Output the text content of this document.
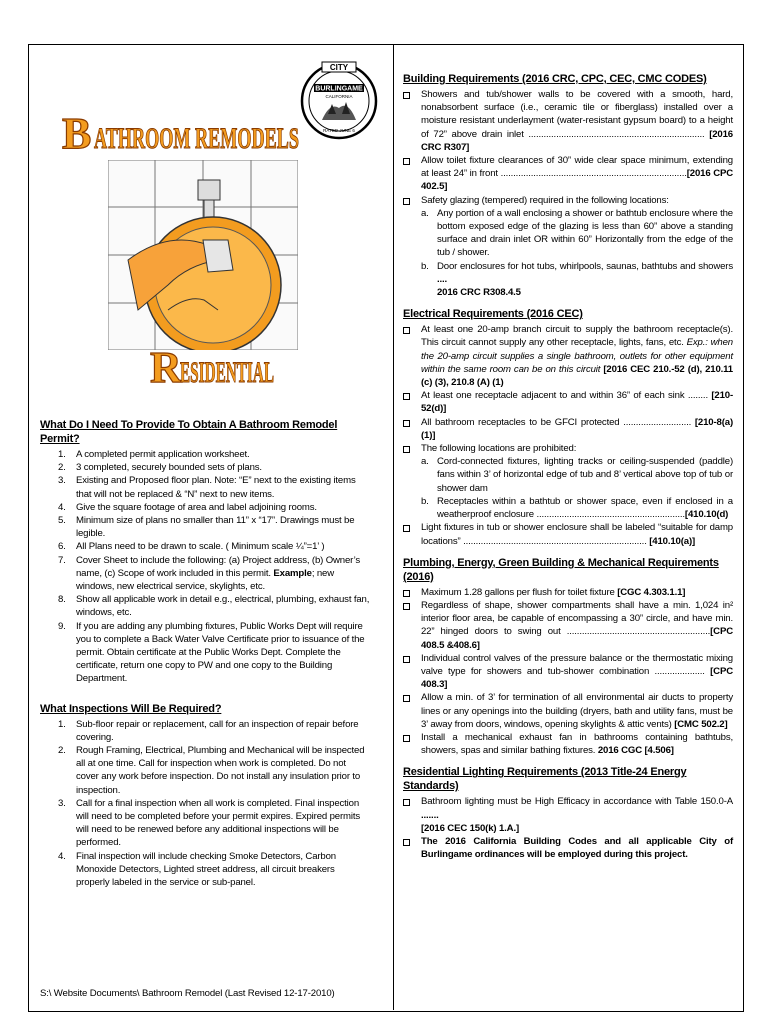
B ATHROOM REMODELS
CITY
BURLINGAME
CALIFORNIA
RATED JUNE 6
R
ESIDENTIAL
What Do I Need To Provide To Obtain A Bathroom Remodel Permit?
1. A completed permit application worksheet.
2. 3 completed, securely bounded sets of plans.
3. Existing and Proposed floor plan. Note: “E” next to the existing items that will not be replaced & “N” next to new items.
4. Give the square footage of area and label adjoining rooms.
5. Minimum size of plans no smaller than 11” x “17”. Drawings must be legible.
6. All Plans need to be drawn to scale. ( Minimum scale ¼”=1’ )
7. Cover Sheet to include the following: (a) Project address, (b) Owner’s name, (c) Scope of work included in this permit. Example; new windows, new electrical service, skylights, etc.
8. Show all applicable work in detail e.g., electrical, plumbing, exhaust fan, windows, etc.
9. If you are adding any plumbing fixtures, Public Works Dept will require you to complete a Back Water Valve Certificate prior to issuance of the permit. Obtain certificate at the Public Works Dept. Complete the certificate, return one copy to PW and one copy to the Building Department.
What Inspections Will Be Required?
1. Sub-floor repair or replacement, call for an inspection of repair before covering.
2. Rough Framing, Electrical, Plumbing and Mechanical will be inspected all at one time. Call for inspection when work is completed. Do not cover any work before inspection. Do not install any insulation prior to inspection.
3. Call for a final inspection when all work is completed. Final inspection will need to be completed before your permit expires. Expired permits will need to be renewed before any additional inspections will be performed.
4. Final inspection will include checking Smoke Detectors, Carbon Monoxide Detectors, Lighted street address, all circuit breakers properly labeled in the service or sub-panel.
Building Requirements (2016 CRC, CPC, CEC, CMC CODES)
Showers and tub/shower walls to be covered with a smooth, hard, nonabsorbent surface (i.e., ceramic tile or fiberglass) installed over a moisture resistant underlayment (water-resistant gypsum board) to a height of 72” above drain inlet ...................................................................... [2016 CRC R307]
Allow toilet fixture clearances of 30” wide clear space minimum, extending at least 24” in front ..........................................................................[2016 CPC 402.5]
Safety glazing (tempered) required in the following locations:
a. Any portion of a wall enclosing a shower or bathtub enclosure where the bottom exposed edge of the glazing is less than 60” above a standing surface and drain inlet OR within 60” Horizontally from the edge of the tub / shower.
b. Door enclosures for hot tubs, whirlpools, saunas, bathtubs and showers ....
2016 CRC R308.4.5
Electrical Requirements (2016 CEC)
At least one 20-amp branch circuit to supply the bathroom receptacle(s). This circuit cannot supply any other receptacle, lights, fans, etc. Exp.: when the 20-amp circuit supplies a single bathroom, outlets for other equipment within the same room can be on this circuit [2016 CEC 210.-52 (d), 210.11 (c) (3), 210.8 (A) (1)
At least one receptacle adjacent to and within 36” of each sink ........ [210-52(d)]
All bathroom receptacles to be GFCI protected ........................... [210-8(a) (1)]
The following locations are prohibited:
a. Cord-connected fixtures, lighting tracks or ceiling-suspended (paddle) fans within 3’ of horizontal edge of tub and 8’ vertical above top of tub or shower dam
b. Receptacles within a bathtub or shower space, even if enclosed in a weatherproof enclosure ...........................................................[410.10(d)
Light fixtures in tub or shower enclosure shall be labeled “suitable for damp locations” ......................................................................... [410.10(a)]
Plumbing, Energy, Green Building & Mechanical Requirements (2016)
Maximum 1.28 gallons per flush for toilet fixture [CGC 4.303.1.1]
Regardless of shape, shower compartments shall have a min. 1,024 in² interior floor area, be capable of encompassing a 30” circle, and have min. 22” hinged doors to swing out .........................................................[CPC 408.5 &408.6]
Individual control valves of the pressure balance or the thermostatic mixing valve type for showers and tub-shower combination .................... [CPC 408.3]
Allow a min. of 3’ for termination of all environmental air ducts to property lines or any openings into the building (dryers, bath and utility fans, must be 3’ away from doors, windows, opening skylights & attic vents) [CMC 502.2]
Install a mechanical exhaust fan in bathrooms containing bathtubs, showers, spas and similar bathing fixtures. 2016 CGC [4.506]
Residential Lighting Requirements (2013 Title-24 Energy Standards)
Bathroom lighting must be High Efficacy in accordance with Table 150.0-A .......
[2016 CEC 150(k) 1.A.]
The 2016 California Building Codes and all applicable City of Burlingame ordinances will be employed during this project.
S:\ Website Documents\ Bathroom Remodel (Last Revised 12-17-2010)
